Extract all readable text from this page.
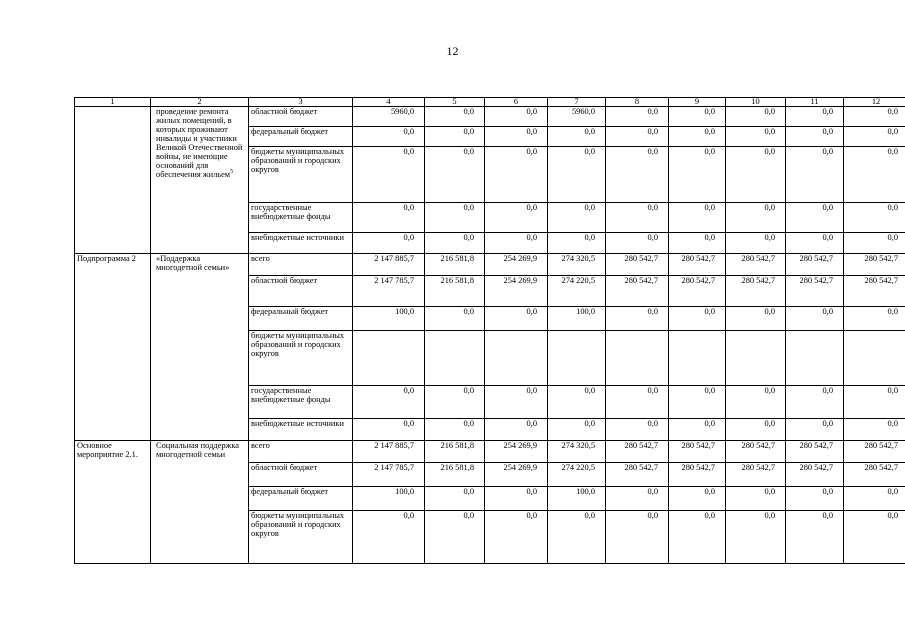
12
1	2	3	4	5	6	7	8	9	10	11	12
	проведение ремонта жилых помещений, в которых проживают инвалиды и участники Великой Отечественной войны, не имеющие оснований для обеспечения жильем$^5$	областной бюджет	5960,0	0,0	0,0	5960,0	0,0	0,0	0,0	0,0	0,0
		федеральный бюджет	0,0	0,0	0,0	0,0	0,0	0,0	0,0	0,0	0,0
		бюджеты муниципальных образований и городских округов	0,0	0,0	0,0	0,0	0,0	0,0	0,0	0,0	0,0
		государственные внебюджетные фонды	0,0	0,0	0,0	0,0	0,0	0,0	0,0	0,0	0,0
		внебюджетные источники	0,0	0,0	0,0	0,0	0,0	0,0	0,0	0,0	0,0
Подпрограмма 2	«Поддержка многодетной семьи»	всего	2 147 885,7	216 581,8	254 269,9	274 320,5	280 542,7	280 542,7	280 542,7	280 542,7	280 542,7
		областной бюджет	2 147 785,7	216 581,8	254 269,9	274 220,5	280 542,7	280 542,7	280 542,7	280 542,7	280 542,7
		федеральный бюджет	100,0	0,0	0,0	100,0	0,0	0,0	0,0	0,0	0,0
		бюджеты муниципальных образований и городских округов									
		государственные внебюджетные фонды	0,0	0,0	0,0	0,0	0,0	0,0	0,0	0,0	0,0
		внебюджетные источники	0,0	0,0	0,0	0,0	0,0	0,0	0,0	0,0	0,0
Основное мероприятие 2.1.	Социальная поддержка многодетной семьи	всего	2 147 885,7	216 581,8	254 269,9	274 320,5	280 542,7	280 542,7	280 542,7	280 542,7	280 542,7
		областной бюджет	2 147 785,7	216 581,8	254 269,9	274 220,5	280 542,7	280 542,7	280 542,7	280 542,7	280 542,7
		федеральный бюджет	100,0	0,0	0,0	100,0	0,0	0,0	0,0	0,0	0,0
		бюджеты муниципальных образований и городских округов	0,0	0,0	0,0	0,0	0,0	0,0	0,0	0,0	0,0
